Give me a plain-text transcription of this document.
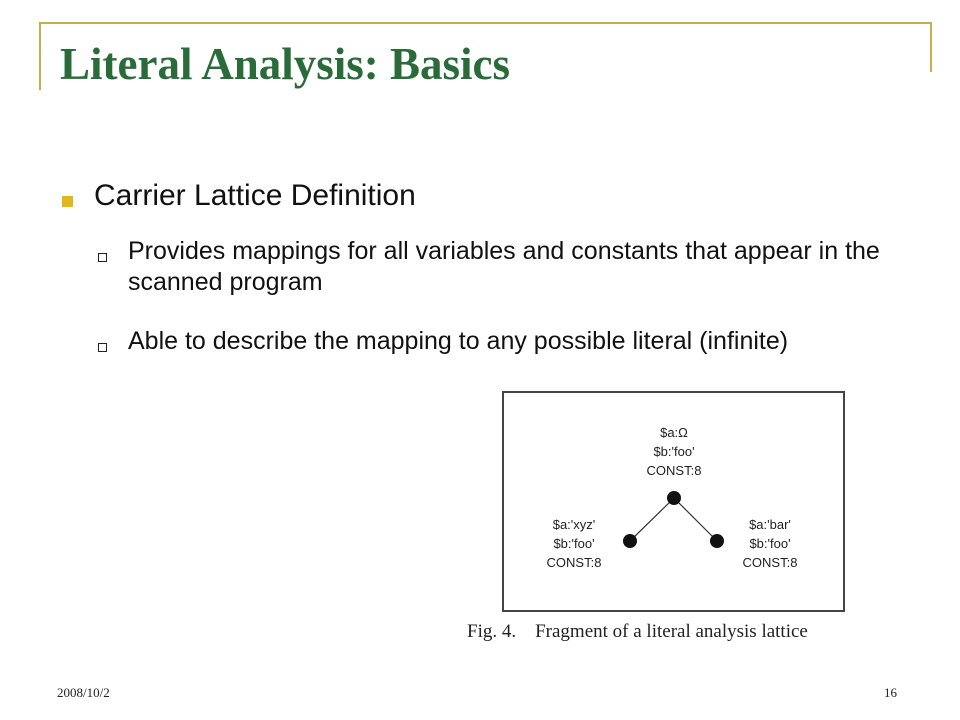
Literal Analysis: Basics
Carrier Lattice Definition
Provides mappings for all variables and constants that appear in the scanned program
Able to describe the mapping to any possible literal (infinite)
$a:Ω
$b:'foo'
CONST:8
$a:'xyz'
$b:'foo'
CONST:8
$a:'bar'
$b:'foo'
CONST:8
Fig. 4.    Fragment of a literal analysis lattice
2008/10/2	16
